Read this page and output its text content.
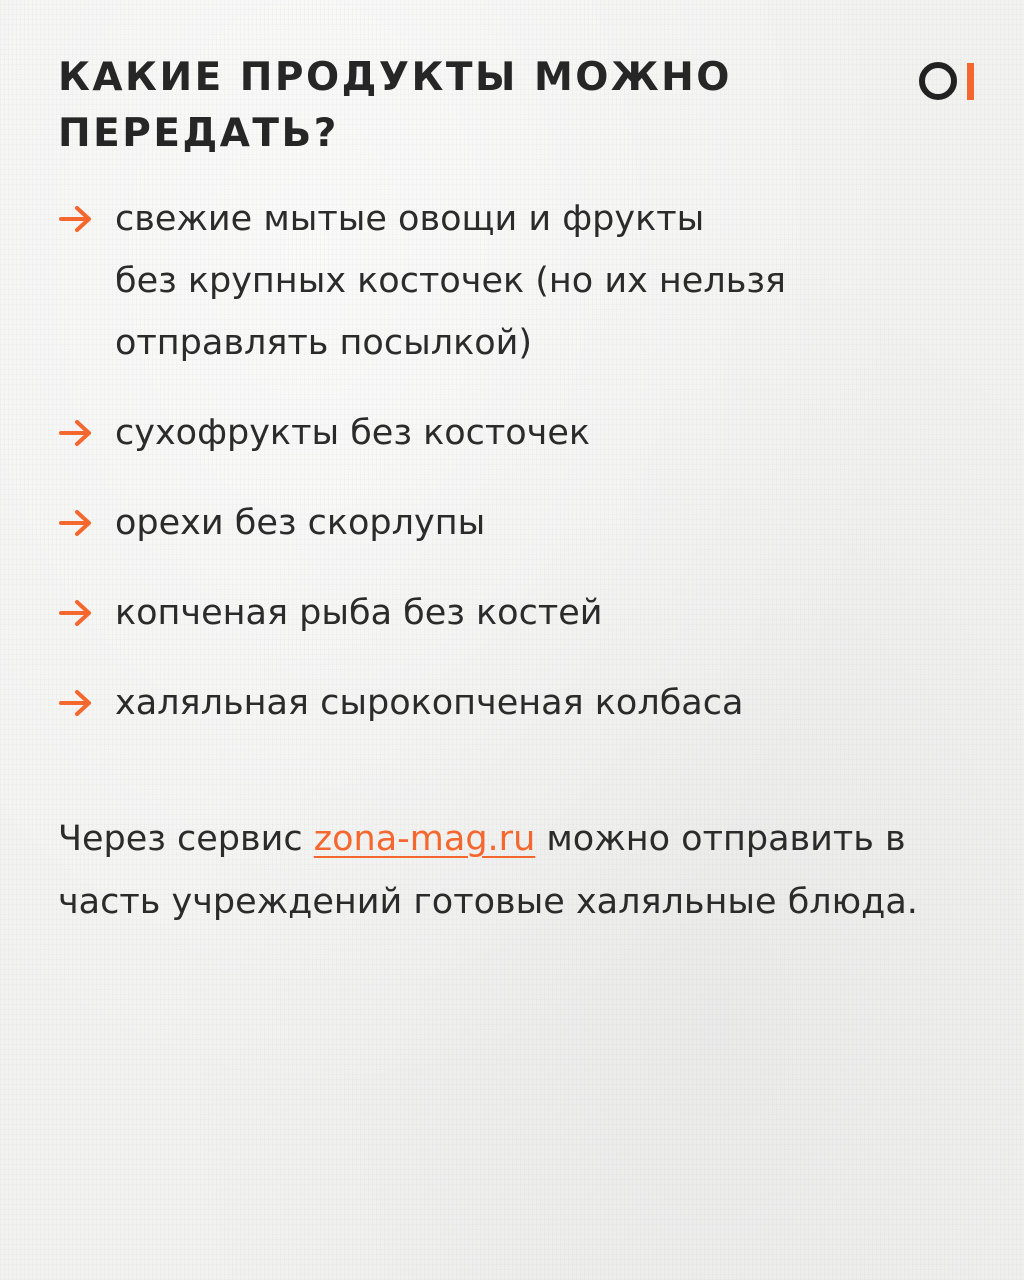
КАКИЕ ПРОДУКТЫ МОЖНО ПЕРЕДАТЬ?
свежие мытые овощи и фрукты
без крупных косточек (но их нельзя
отправлять посылкой)
сухофрукты без косточек
орехи без скорлупы
копченая рыба без костей
халяльная сырокопченая колбаса

Через сервис zona-mag.ru можно отправить в часть учреждений готовые халяльные блюда.
